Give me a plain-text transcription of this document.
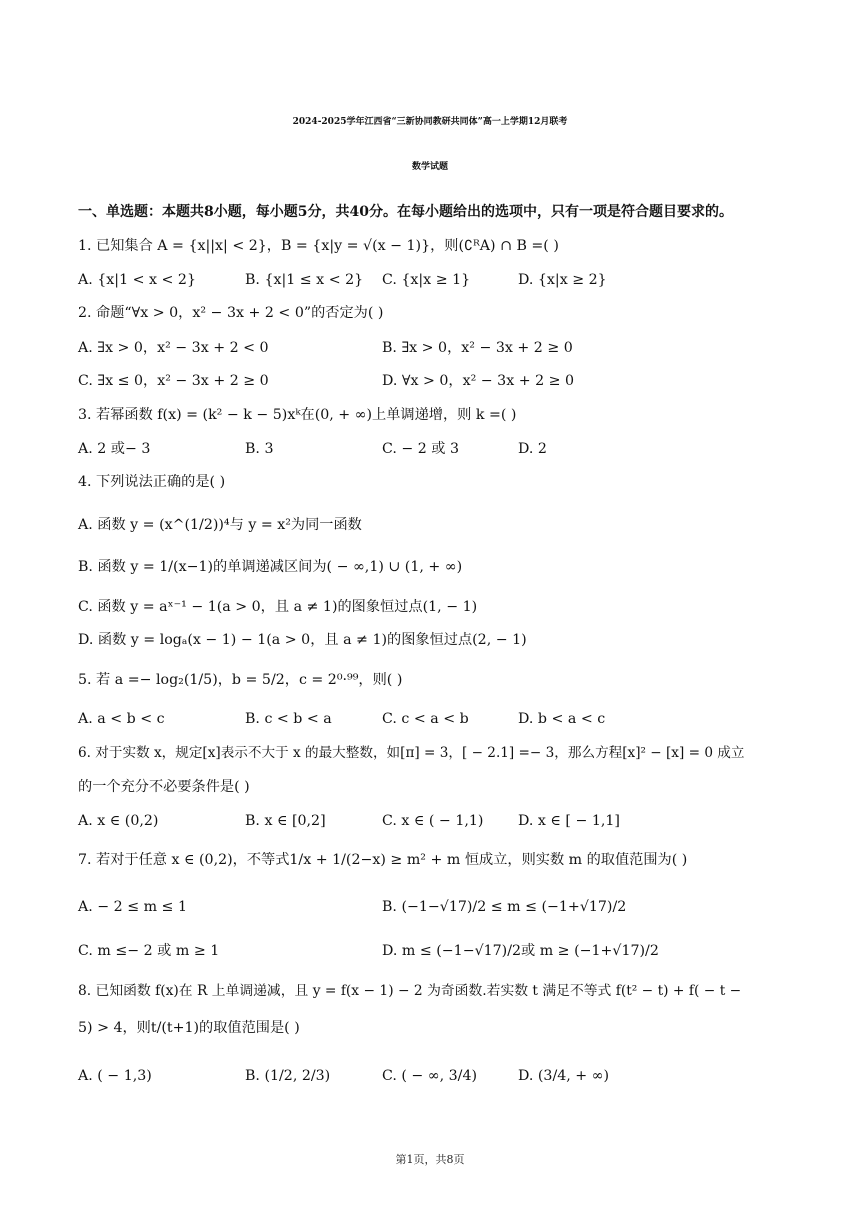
2024-2025学年江西省“三新协同教研共同体”高一上学期12月联考
数学试题
一、单选题：本题共8小题，每小题5分，共40分。在每小题给出的选项中，只有一项是符合题目要求的。
1. 已知集合 A = {x||x| < 2}，B = {x|y = √(x − 1)}，则(∁ᴿA) ∩ B =( )
A. {x|1 < x < 2}	B. {x|1 ≤ x < 2} C. {x|x ≥ 1}	D. {x|x ≥ 2}
2. 命题“∀x > 0，x² − 3x + 2 < 0”的否定为( )
A. ∃x > 0，x² − 3x + 2 < 0	B. ∃x > 0，x² − 3x + 2 ≥ 0
C. ∃x ≤ 0，x² − 3x + 2 ≥ 0	D. ∀x > 0，x² − 3x + 2 ≥ 0
3. 若幂函数 f(x) = (k² − k − 5)xᵏ在(0, + ∞)上单调递增，则 k =( )
A. 2 或− 3	B. 3	C. − 2 或 3	D. 2
4. 下列说法正确的是( )
A. 函数 y = (x^(1/2))⁴与 y = x²为同一函数
B. 函数 y = 1/(x−1)的单调递减区间为( − ∞,1) ∪ (1, + ∞)
C. 函数 y = aˣ⁻¹ − 1(a > 0，且 a ≠ 1)的图象恒过点(1, − 1)
D. 函数 y = logₐ(x − 1) − 1(a > 0，且 a ≠ 1)的图象恒过点(2, − 1)
5. 若 a =− log₂(1/5)，b = 5/2，c = 2⁰·⁹⁹，则( )
A. a < b < c	B. c < b < a	C. c < a < b	D. b < a < c
6. 对于实数 x，规定[x]表示不大于 x 的最大整数，如[π] = 3，[ − 2.1] =− 3，那么方程[x]² − [x] = 0 成立
的一个充分不必要条件是( )
A. x ∈ (0,2)	B. x ∈ [0,2]	C. x ∈ ( − 1,1) D. x ∈ [ − 1,1]
7. 若对于任意 x ∈ (0,2)，不等式1/x + 1/(2−x) ≥ m² + m 恒成立，则实数 m 的取值范围为( )
A. − 2 ≤ m ≤ 1	B. (−1−√17)/2 ≤ m ≤ (−1+√17)/2
C. m ≤− 2 或 m ≥ 1	D. m ≤ (−1−√17)/2或 m ≥ (−1+√17)/2
8. 已知函数 f(x)在 R 上单调递减，且 y = f(x − 1) − 2 为奇函数.若实数 t 满足不等式 f(t² − t) + f( − t −
5) > 4，则t/(t+1)的取值范围是( )
A. ( − 1,3)	B. (1/2, 2/3)	C. ( − ∞, 3/4)	D. (3/4, + ∞)
第1页，共8页
